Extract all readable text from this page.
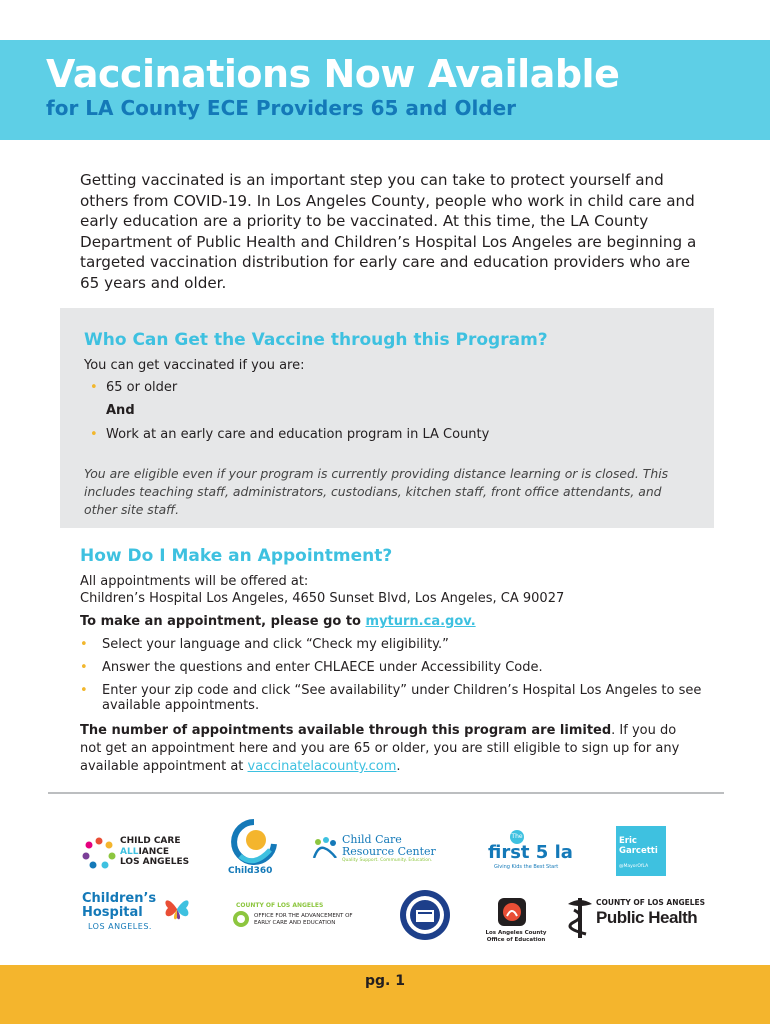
Vaccinations Now Available
for LA County ECE Providers 65 and Older

Getting vaccinated is an important step you can take to protect yourself and others from COVID-19. In Los Angeles County, people who work in child care and early education are a priority to be vaccinated. At this time, the LA County Department of Public Health and Children’s Hospital Los Angeles are beginning a targeted vaccination distribution for early care and education providers who are 65 years and older.

Who Can Get the Vaccine through this Program?
You can get vaccinated if you are:
• 65 or older
And
• Work at an early care and education program in LA County

You are eligible even if your program is currently providing distance learning or is closed. This includes teaching staff, administrators, custodians, kitchen staff, front office attendants, and other site staff.

How Do I Make an Appointment?
All appointments will be offered at:
Children’s Hospital Los Angeles, 4650 Sunset Blvd, Los Angeles, CA 90027
To make an appointment, please go to myturn.ca.gov.
• Select your language and click “Check my eligibility.”
• Answer the questions and enter CHLAECE under Accessibility Code.
• Enter your zip code and click “See availability” under Children’s Hospital Los Angeles to see available appointments.

The number of appointments available through this program are limited. If you do not get an appointment here and you are 65 or older, you are still eligible to sign up for any available appointment at vaccinatelacounty.com.

CHILD CARE
ALLIANCE
LOS ANGELES
Child360
Child Care
Resource Center
Quality Support. Community. Education.
The
first 5 la
Giving Kids the Best Start
Eric
Garcetti
@MayorOfLA
Children’s
Hospital
LOS ANGELES.
COUNTY OF LOS ANGELES
OFFICE FOR THE ADVANCEMENT OF
EARLY CARE AND EDUCATION
Los Angeles County
Office of Education
COUNTY OF LOS ANGELES
Public Health
pg. 1
